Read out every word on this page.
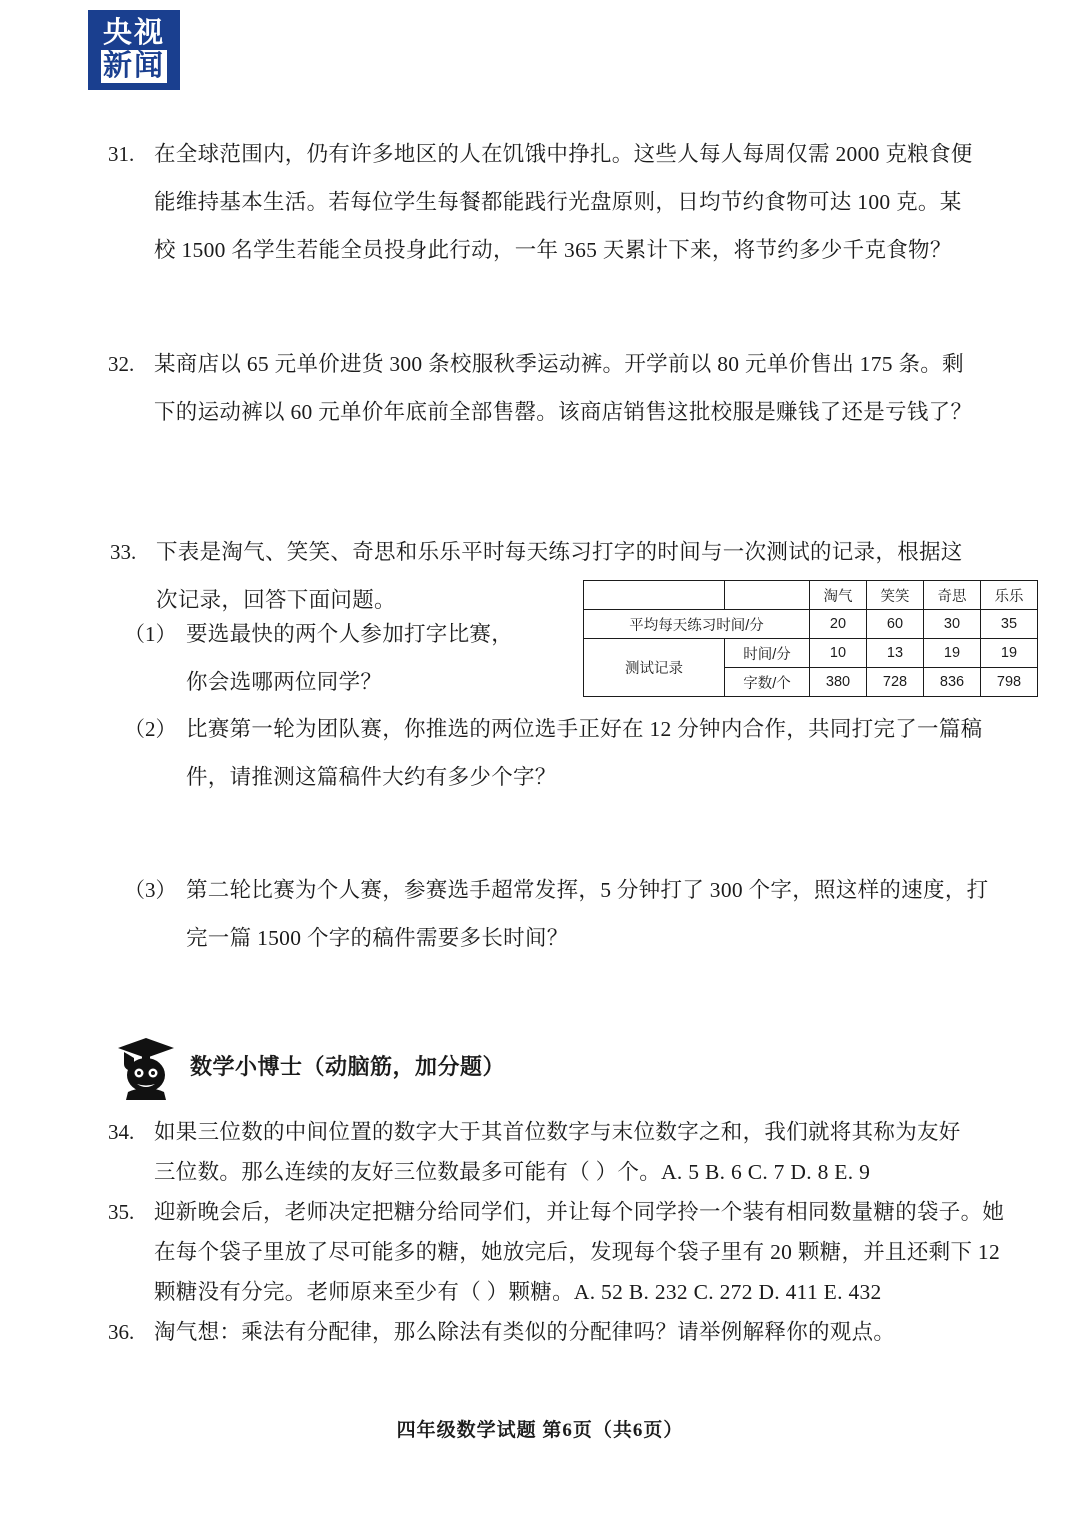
央视
新闻
31. 在全球范围内，仍有许多地区的人在饥饿中挣扎。这些人每人每周仅需 2000 克粮食便

能维持基本生活。若每位学生每餐都能践行光盘原则，日均节约食物可达 100 克。某

校 1500 名学生若能全员投身此行动，一年 365 天累计下来，将节约多少千克食物？

32. 某商店以 65 元单价进货 300 条校服秋季运动裤。开学前以 80 元单价售出 175 条。剩

下的运动裤以 60 元单价年底前全部售罄。该商店销售这批校服是赚钱了还是亏钱了？

33. 下表是淘气、笑笑、奇思和乐乐平时每天练习打字的时间与一次测试的记录，根据这

次记录，回答下面问题。

			淘气	笑笑	奇思	乐乐
平均每天练习时间/分		20	60	30	35
测试记录	时间/分	10	13	19	19
	字数/个	380	728	836	798
（1） 要选最快的两个人参加打字比赛，

你会选哪两位同学？

（2） 比赛第一轮为团队赛，你推选的两位选手正好在 12 分钟内合作，共同打完了一篇稿

件，请推测这篇稿件大约有多少个字？

（3） 第二轮比赛为个人赛，参赛选手超常发挥，5 分钟打了 300 个字，照这样的速度，打

完一篇 1500 个字的稿件需要多长时间？

数学小博士（动脑筋，加分题）
34. 如果三位数的中间位置的数字大于其首位数字与末位数字之和，我们就将其称为友好

三位数。那么连续的友好三位数最多可能有（ ）个。A. 5 B. 6 C. 7 D. 8 E. 9

35. 迎新晚会后，老师决定把糖分给同学们，并让每个同学拎一个装有相同数量糖的袋子。她

在每个袋子里放了尽可能多的糖，她放完后，发现每个袋子里有 20 颗糖，并且还剩下 12

颗糖没有分完。老师原来至少有（ ）颗糖。A. 52 B. 232 C. 272 D. 411 E. 432

36. 淘气想：乘法有分配律，那么除法有类似的分配律吗？请举例解释你的观点。

四年级数学试题 第6页（共6页）
